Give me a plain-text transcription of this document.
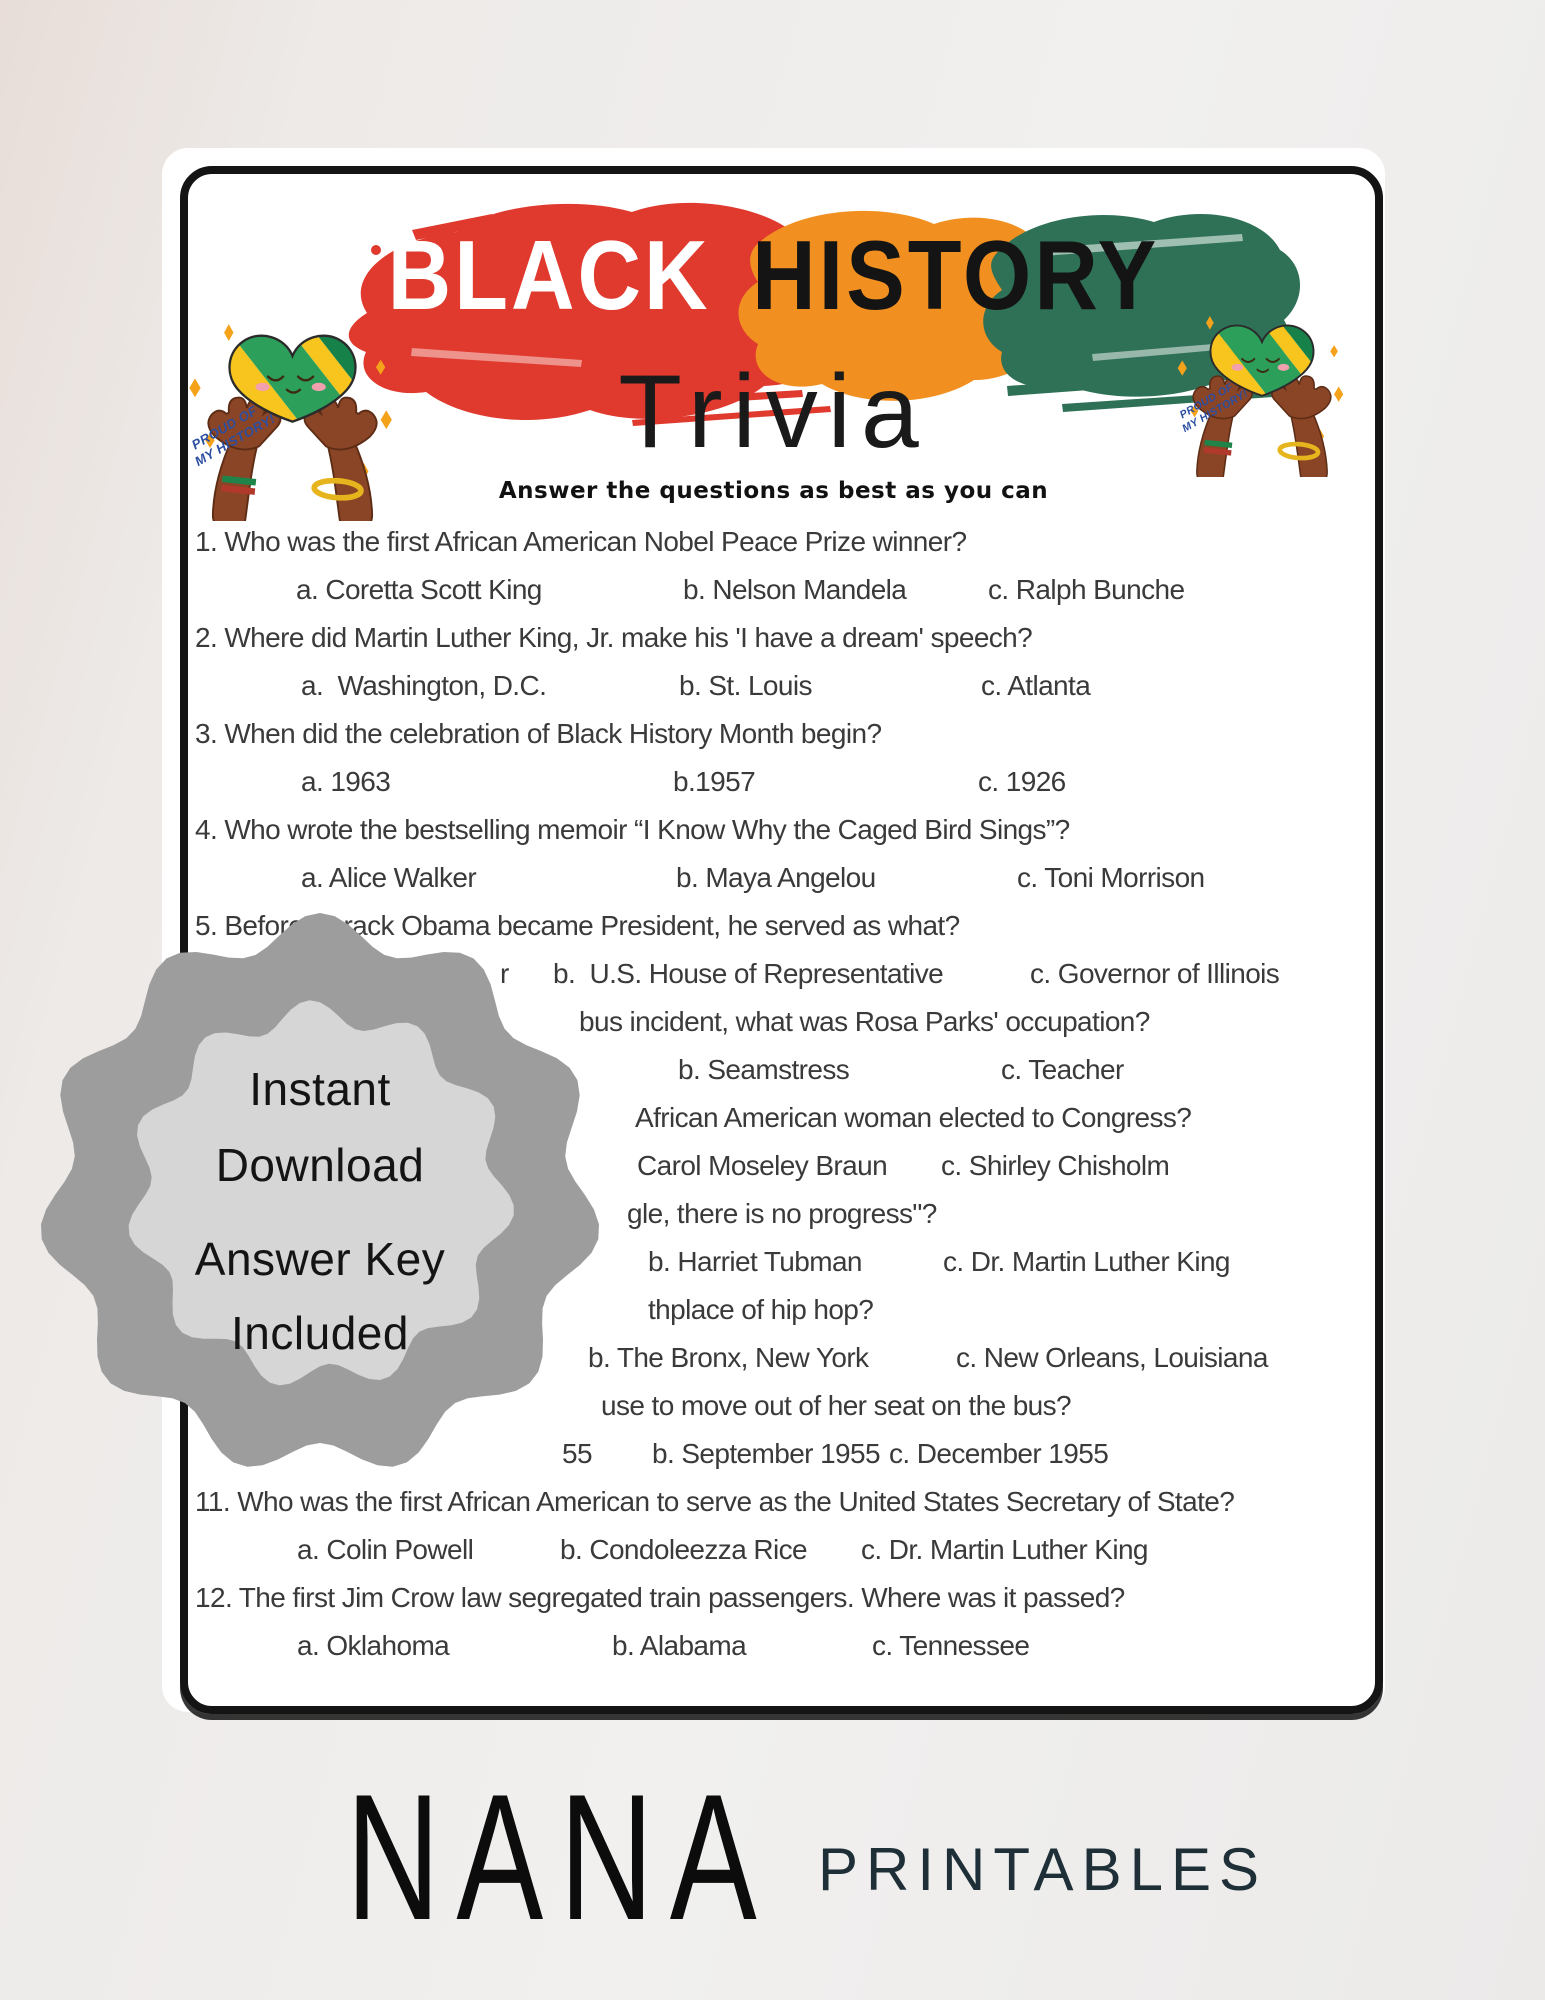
BLACK HISTORY
Trivia
Answer the questions as best as you can
1. Who was the first African American Nobel Peace Prize winner?
a. Coretta Scott King	b. Nelson Mandela	c. Ralph Bunche
2. Where did Martin Luther King, Jr. make his 'I have a dream' speech?
a.  Washington, D.C.	b. St. Louis	c. Atlanta
3. When did the celebration of Black History Month begin?
a. 1963	b.1957	c. 1926
4. Who wrote the bestselling memoir “I Know Why the Caged Bird Sings”?
a. Alice Walker	b. Maya Angelou	c. Toni Morrison
5. Before Barack Obama became President, he served as what?
r b.  U.S. House of Representative	c. Governor of Illinois
bus incident, what was Rosa Parks' occupation?
b. Seamstress	c. Teacher
African American woman elected to Congress?
Carol Moseley Braun c. Shirley Chisholm
gle, there is no progress"?
b. Harriet Tubman	c. Dr. Martin Luther King
thplace of hip hop?
b. The Bronx, New York	c. New Orleans, Louisiana
use to move out of her seat on the bus?
55 b. September 1955 c. December 1955
11. Who was the first African American to serve as the United States Secretary of State?
a. Colin Powell	b. Condoleezza Rice c. Dr. Martin Luther King
12. The first Jim Crow law segregated train passengers. Where was it passed?
a. Oklahoma	b. Alabama	c. Tennessee
Instant
Download
Answer Key
Included
NANA PRINTABLES
